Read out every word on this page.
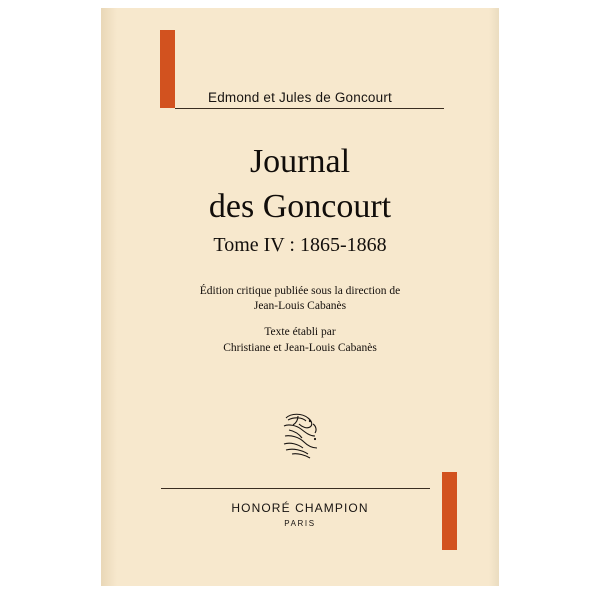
Edmond et Jules de Goncourt
Journal
des Goncourt
Tome IV : 1865-1868
Édition critique publiée sous la direction de
Jean-Louis Cabanès
Texte établi par
Christiane et Jean-Louis Cabanès
HONORÉ CHAMPION
PARIS
